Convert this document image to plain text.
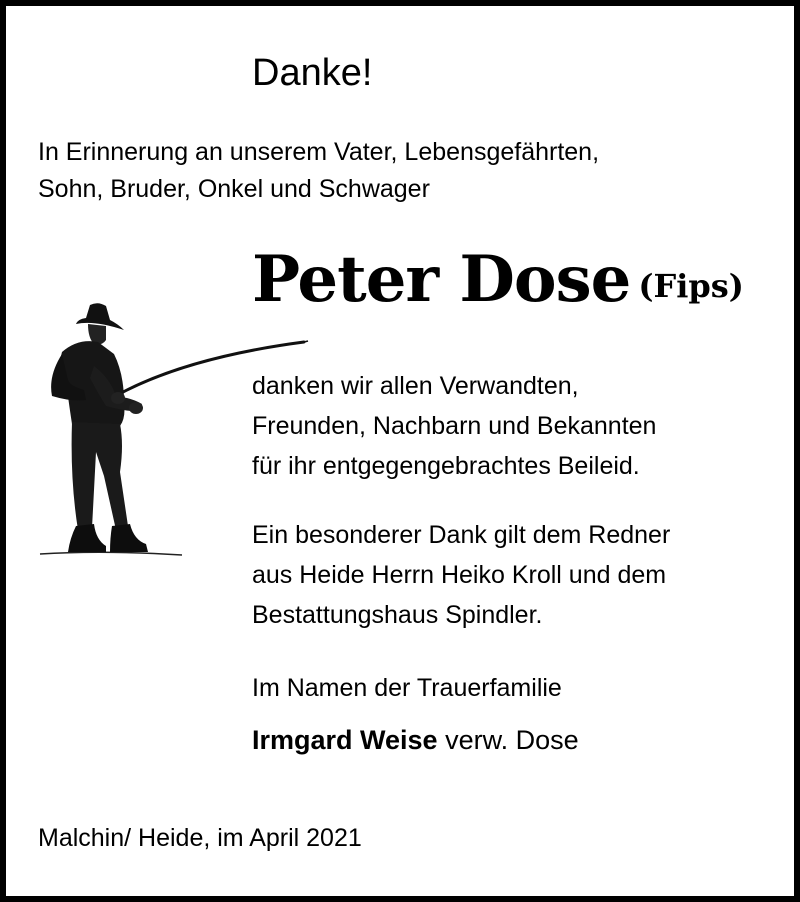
Danke!
In Erinnerung an unserem Vater, Lebensgefährten,
Sohn, Bruder, Onkel und Schwager
Peter Dose (Fips)
danken wir allen Verwandten,
Freunden, Nachbarn und Bekannten
für ihr entgegengebrachtes Beileid.
Ein besonderer Dank gilt dem Redner
aus Heide Herrn Heiko Kroll und dem
Bestattungshaus Spindler.
Im Namen der Trauerfamilie
Irmgard Weise verw. Dose
Malchin/ Heide, im April 2021
